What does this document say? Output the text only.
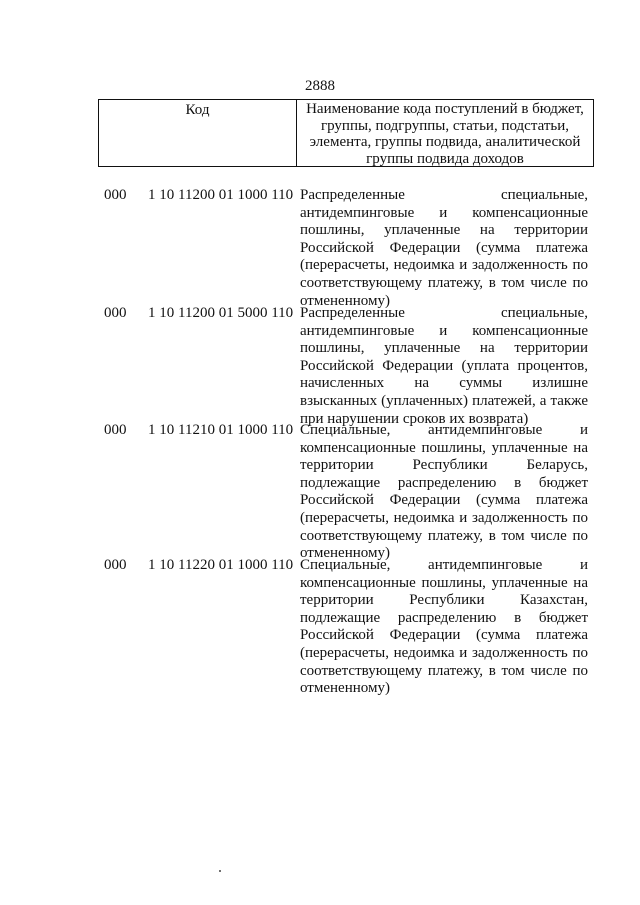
2888
Код	Наименование кода поступлений в бюджет, группы, подгруппы, статьи, подстатьи, элемента, группы подвида, аналитической группы подвида доходов
000 1 10 11200 01 1000 110 Распределенные специальные, антидемпинговые и компенсационные пошлины, уплаченные на территории Российской Федерации (сумма платежа (перерасчеты, недоимка и задолженность по соответствующему платежу, в том числе по отмененному)
000 1 10 11200 01 5000 110 Распределенные специальные, антидемпинговые и компенсационные пошлины, уплаченные на территории Российской Федерации (уплата процентов, начисленных на суммы излишне взысканных (уплаченных) платежей, а также при нарушении сроков их возврата)
000 1 10 11210 01 1000 110 Специальные, антидемпинговые и компенсационные пошлины, уплаченные на территории Республики Беларусь, подлежащие распределению в бюджет Российской Федерации (сумма платежа (перерасчеты, недоимка и задолженность по соответствующему платежу, в том числе по отмененному)
000 1 10 11220 01 1000 110 Специальные, антидемпинговые и компенсационные пошлины, уплаченные на территории Республики Казахстан, подлежащие распределению в бюджет Российской Федерации (сумма платежа (перерасчеты, недоимка и задолженность по соответствующему платежу, в том числе по отмененному)
